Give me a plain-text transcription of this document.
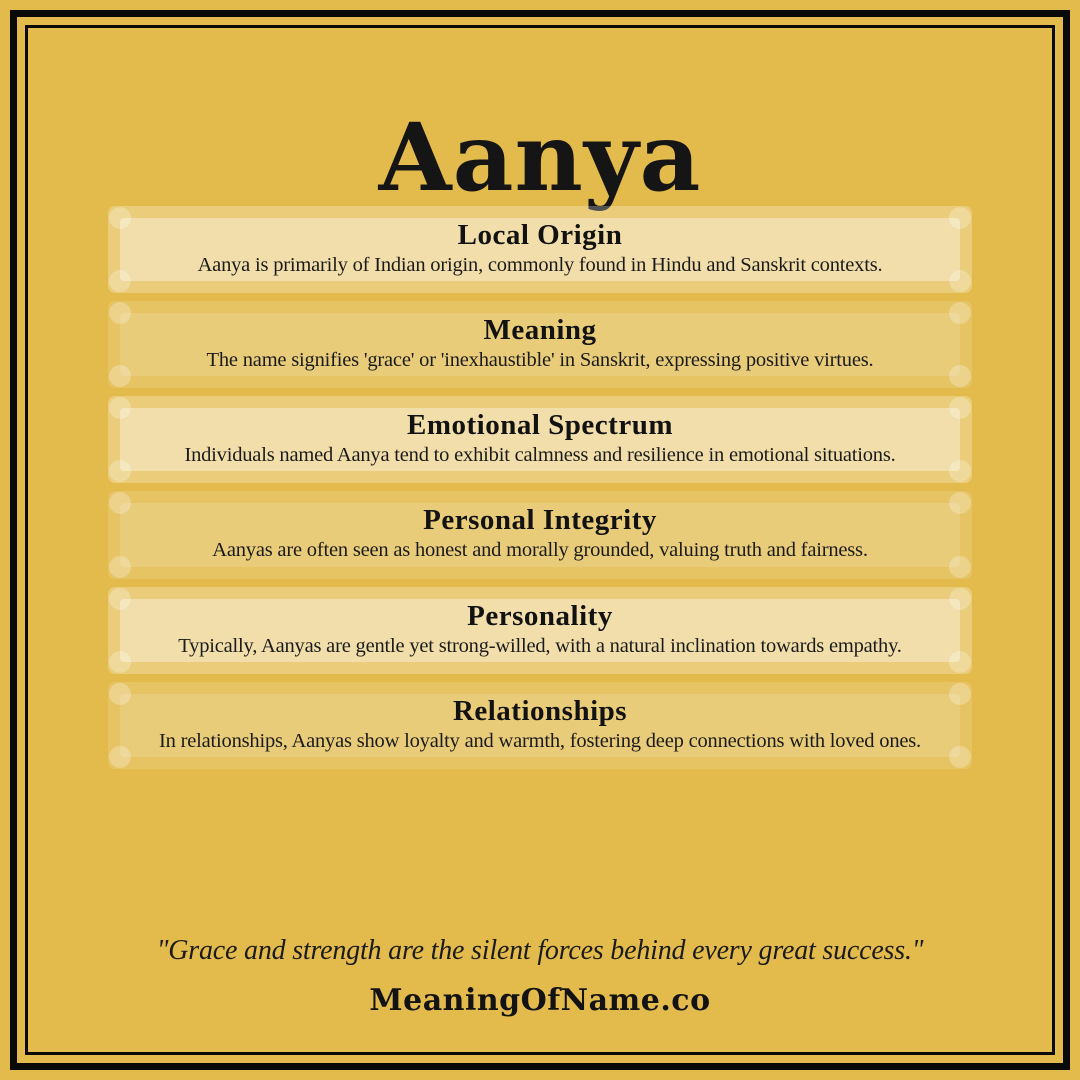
Aanya
Local Origin

Aanya is primarily of Indian origin, commonly found in Hindu and Sanskrit contexts.

Meaning

The name signifies 'grace' or 'inexhaustible' in Sanskrit, expressing positive virtues.

Emotional Spectrum

Individuals named Aanya tend to exhibit calmness and resilience in emotional situations.

Personal Integrity

Aanyas are often seen as honest and morally grounded, valuing truth and fairness.

Personality

Typically, Aanyas are gentle yet strong-willed, with a natural inclination towards empathy.

Relationships

In relationships, Aanyas show loyalty and warmth, fostering deep connections with loved ones.

"Grace and strength are the silent forces behind every great success."

MeaningOfName.co
